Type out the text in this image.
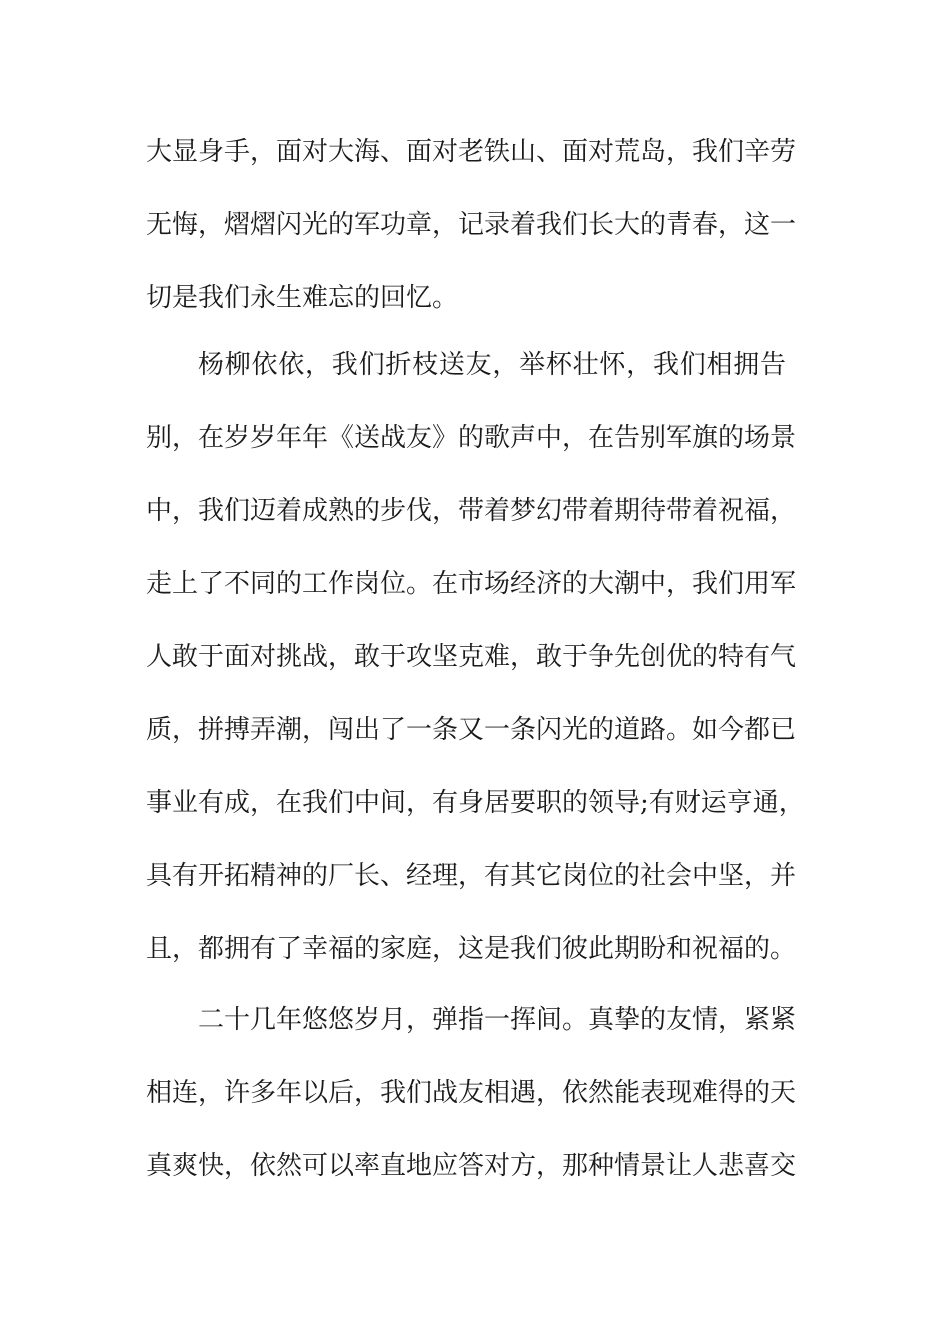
大显身手，面对大海、面对老铁山、面对荒岛，我们辛劳
无悔，熠熠闪光的军功章，记录着我们长大的青春，这一
切是我们永生难忘的回忆。
杨柳依依，我们折枝送友，举杯壮怀，我们相拥告
别，在岁岁年年《送战友》的歌声中，在告别军旗的场景
中，我们迈着成熟的步伐，带着梦幻带着期待带着祝福，
走上了不同的工作岗位。在市场经济的大潮中，我们用军
人敢于面对挑战，敢于攻坚克难，敢于争先创优的特有气
质，拼搏弄潮，闯出了一条又一条闪光的道路。如今都已
事业有成，在我们中间，有身居要职的领导;有财运亨通，
具有开拓精神的厂长、经理，有其它岗位的社会中坚，并
且，都拥有了幸福的家庭，这是我们彼此期盼和祝福的。
二十几年悠悠岁月，弹指一挥间。真挚的友情，紧紧
相连，许多年以后，我们战友相遇，依然能表现难得的天
真爽快，依然可以率直地应答对方，那种情景让人悲喜交
